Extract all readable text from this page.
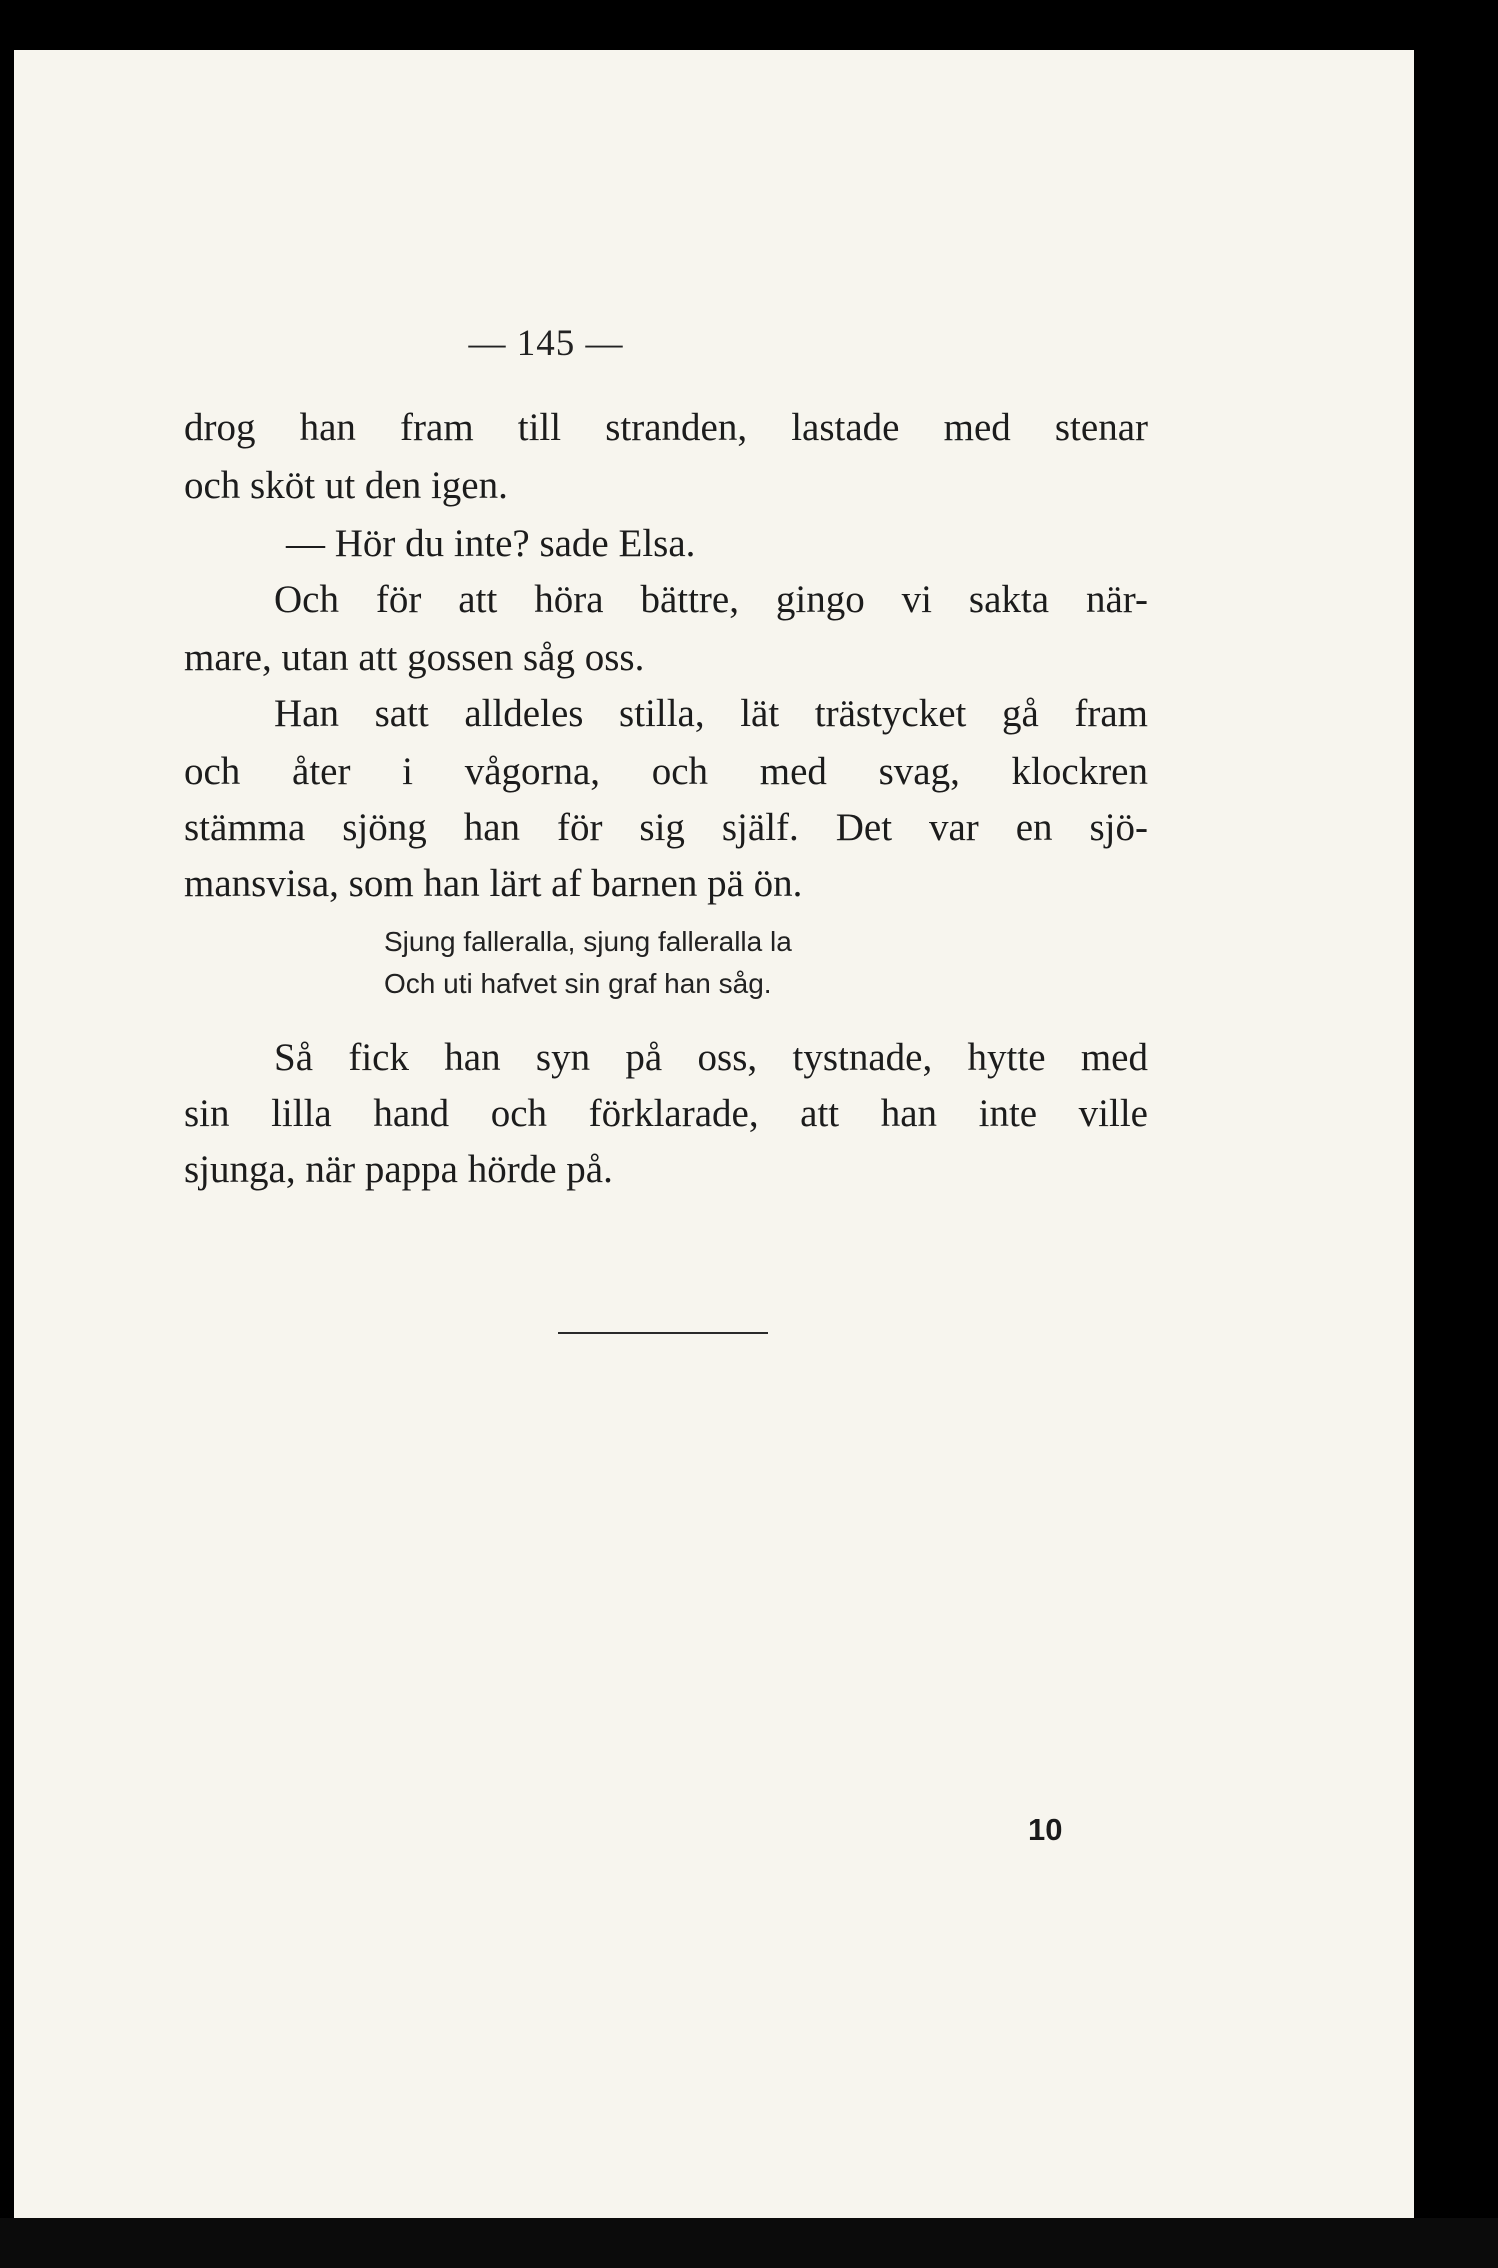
— 145 —
drog han fram till stranden, lastade med stenar
och sköt ut den igen.
— Hör du inte? sade Elsa.
Och för att höra bättre, gingo vi sakta när-
mare, utan att gossen såg oss.
Han satt alldeles stilla, lät trästycket gå fram
och åter i vågorna, och med svag, klockren
stämma sjöng han för sig själf. Det var en sjö-
mansvisa, som han lärt af barnen pä ön.
Sjung falleralla, sjung falleralla la
Och uti hafvet sin graf han såg.
Så fick han syn på oss, tystnade, hytte med
sin lilla hand och förklarade, att han inte ville
sjunga, när pappa hörde på.
10
